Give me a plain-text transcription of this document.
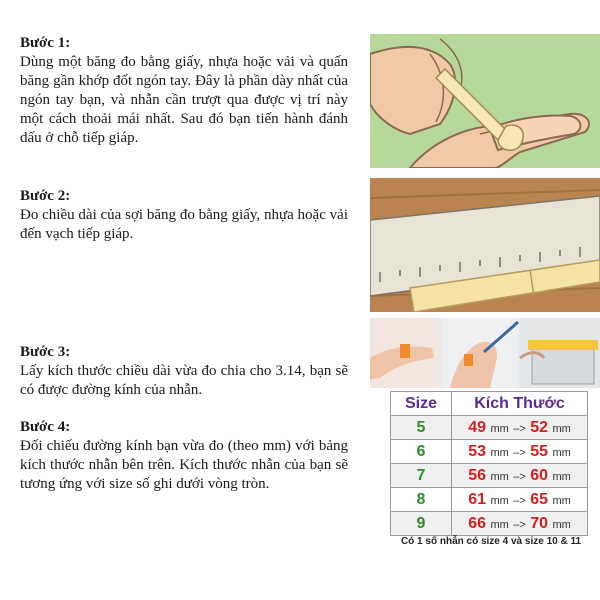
Bước 1:

Dùng một băng đo bằng giấy, nhựa hoặc vải và quấn băng gần khớp đốt ngón tay. Đây là phần dày nhất của ngón tay bạn, và nhẫn cần trượt qua được vị trí này một cách thoải mái nhất. Sau đó bạn tiến hành đánh dấu ở chỗ tiếp giáp.

Bước 2:

Đo chiều dài của sợi băng đo bằng giấy, nhựa hoặc vải đến vạch tiếp giáp.

Bước 3:

Lấy kích thước chiều dài vừa đo chia cho 3.14, bạn sẽ có được đường kính của nhẫn.

Bước 4:

Đối chiếu đường kính bạn vừa đo (theo mm) với bảng kích thước nhẫn bên trên. Kích thước nhẫn của bạn sẽ tương ứng với size số ghi dưới vòng tròn.

Size	Kích Thước
5	49 mm –> 52 mm
6	53 mm –> 55 mm
7	56 mm –> 60 mm
8	61 mm –> 65 mm
9	66 mm –> 70 mm
Có 1 số nhẫn có size 4 và size 10 & 11
